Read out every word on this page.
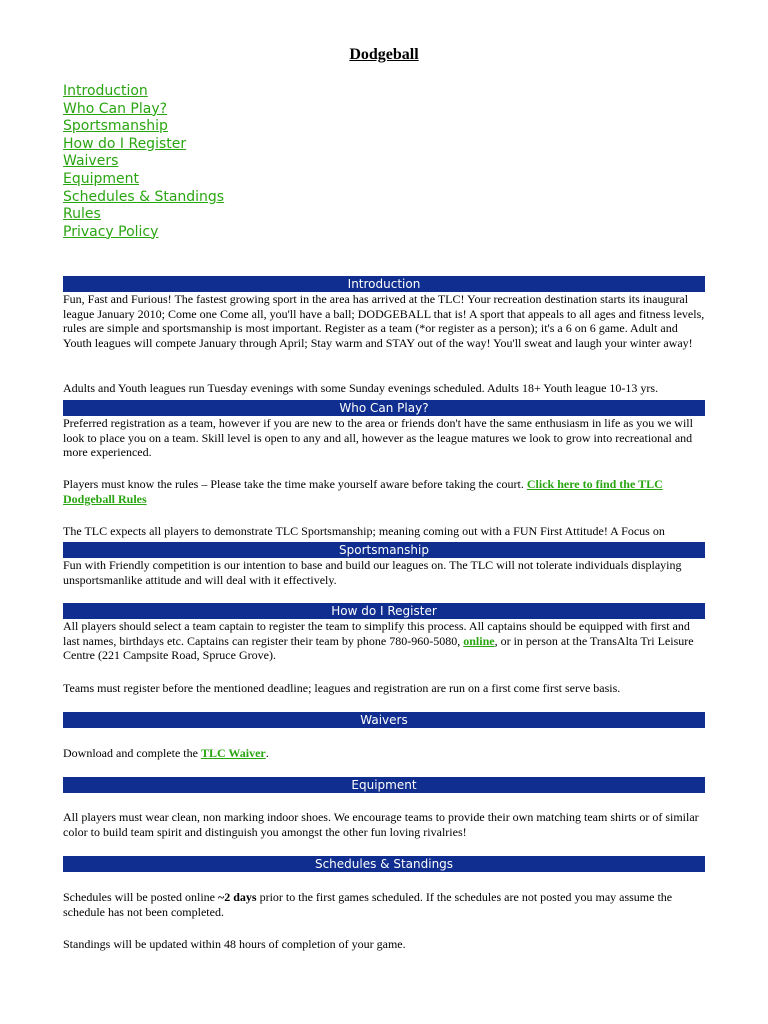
Dodgeball
Introduction
Who Can Play?
Sportsmanship
How do I Register
Waivers
Equipment
Schedules & Standings
Rules
Privacy Policy
Introduction

Fun, Fast and Furious! The fastest growing sport in the area has arrived at the TLC! Your recreation destination starts its inaugural league January 2010; Come one Come all, you'll have a ball; DODGEBALL that is! A sport that appeals to all ages and fitness levels, rules are simple and sportsmanship is most important. Register as a team (*or register as a person); it's a 6 on 6 game. Adult and Youth leagues will compete January through April; Stay warm and STAY out of the way! You'll sweat and laugh your winter away!

Adults and Youth leagues run Tuesday evenings with some Sunday evenings scheduled. Adults 18+ Youth league 10-13 yrs.

Who Can Play?

Preferred registration as a team, however if you are new to the area or friends don't have the same enthusiasm in life as you we will look to place you on a team. Skill level is open to any and all, however as the league matures we look to grow into recreational and more experienced.

Players must know the rules – Please take the time make yourself aware before taking the court. Click here to find the TLC Dodgeball Rules

The TLC expects all players to demonstrate TLC Sportsmanship; meaning coming out with a FUN First Attitude! A Focus on

Sportsmanship

Fun with Friendly competition is our intention to base and build our leagues on. The TLC will not tolerate individuals displaying unsportsmanlike attitude and will deal with it effectively.

How do I Register

All players should select a team captain to register the team to simplify this process. All captains should be equipped with first and last names, birthdays etc. Captains can register their team by phone 780-960-5080, online, or in person at the TransAlta Tri Leisure Centre (221 Campsite Road, Spruce Grove).

Teams must register before the mentioned deadline; leagues and registration are run on a first come first serve basis.

Waivers

Download and complete the TLC Waiver.

Equipment

All players must wear clean, non marking indoor shoes. We encourage teams to provide their own matching team shirts or of similar color to build team spirit and distinguish you amongst the other fun loving rivalries!

Schedules & Standings

Schedules will be posted online ~2 days prior to the first games scheduled. If the schedules are not posted you may assume the schedule has not been completed.

Standings will be updated within 48 hours of completion of your game.
